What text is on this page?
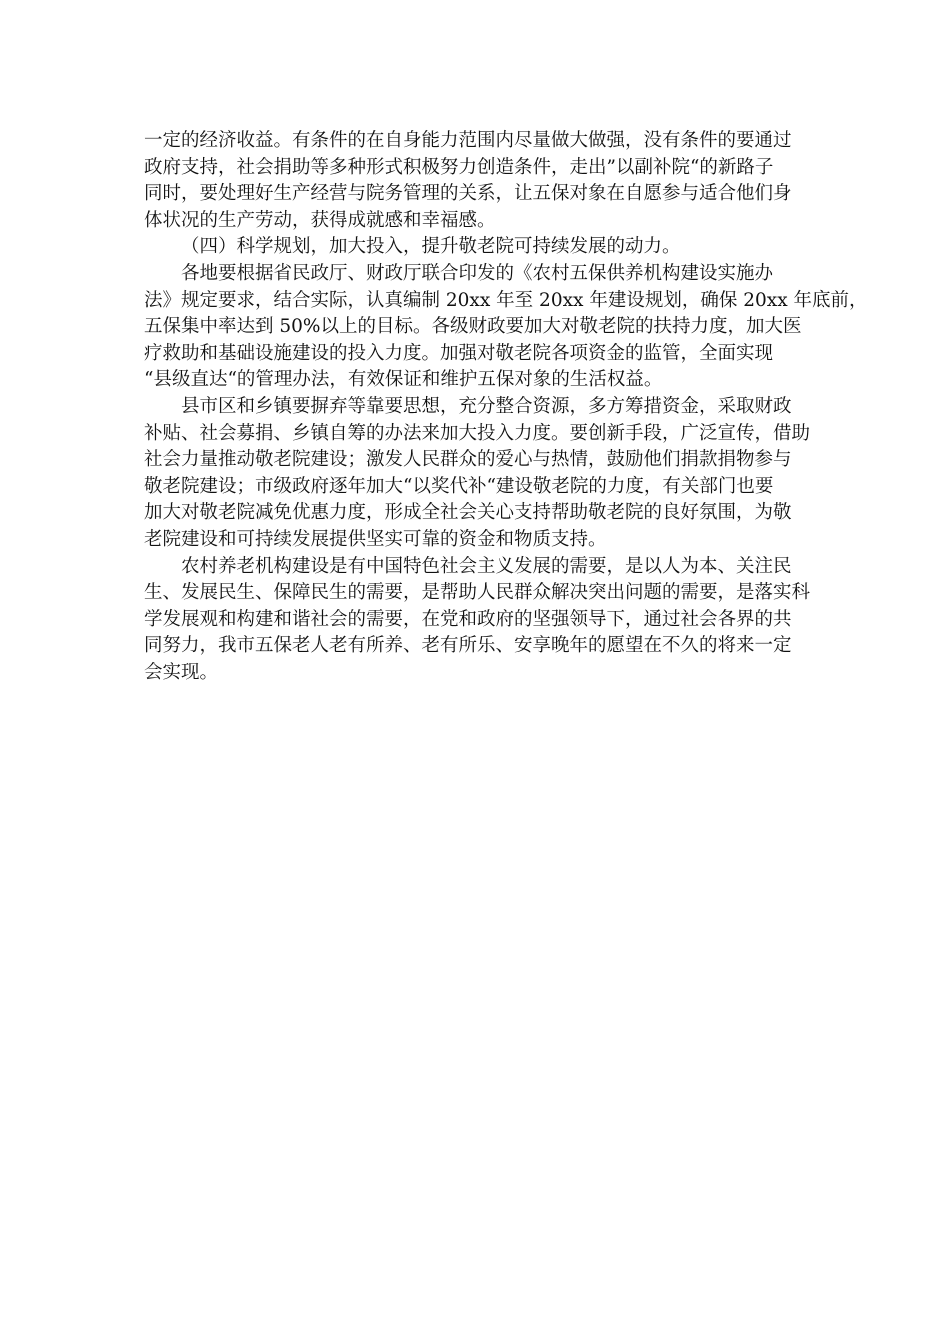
一定的经济收益。有条件的在自身能力范围内尽量做大做强，没有条件的要通过
政府支持，社会捐助等多种形式积极努力创造条件，走出”以副补院“的新路子
同时，要处理好生产经营与院务管理的关系，让五保对象在自愿参与适合他们身
体状况的生产劳动，获得成就感和幸福感。
（四）科学规划，加大投入，提升敬老院可持续发展的动力。
各地要根据省民政厅、财政厅联合印发的《农村五保供养机构建设实施办
法》规定要求，结合实际，认真编制 20xx 年至 20xx 年建设规划，确保 20xx 年底前，
五保集中率达到 50%以上的目标。各级财政要加大对敬老院的扶持力度，加大医
疗救助和基础设施建设的投入力度。加强对敬老院各项资金的监管，全面实现
“县级直达“的管理办法，有效保证和维护五保对象的生活权益。
县市区和乡镇要摒弃等靠要思想，充分整合资源，多方筹措资金，采取财政
补贴、社会募捐、乡镇自筹的办法来加大投入力度。要创新手段，广泛宣传，借助
社会力量推动敬老院建设；激发人民群众的爱心与热情，鼓励他们捐款捐物参与
敬老院建设；市级政府逐年加大“以奖代补“建设敬老院的力度，有关部门也要
加大对敬老院减免优惠力度，形成全社会关心支持帮助敬老院的良好氛围，为敬
老院建设和可持续发展提供坚实可靠的资金和物质支持。
农村养老机构建设是有中国特色社会主义发展的需要，是以人为本、关注民
生、发展民生、保障民生的需要，是帮助人民群众解决突出问题的需要，是落实科
学发展观和构建和谐社会的需要，在党和政府的坚强领导下，通过社会各界的共
同努力，我市五保老人老有所养、老有所乐、安享晚年的愿望在不久的将来一定
会实现。
